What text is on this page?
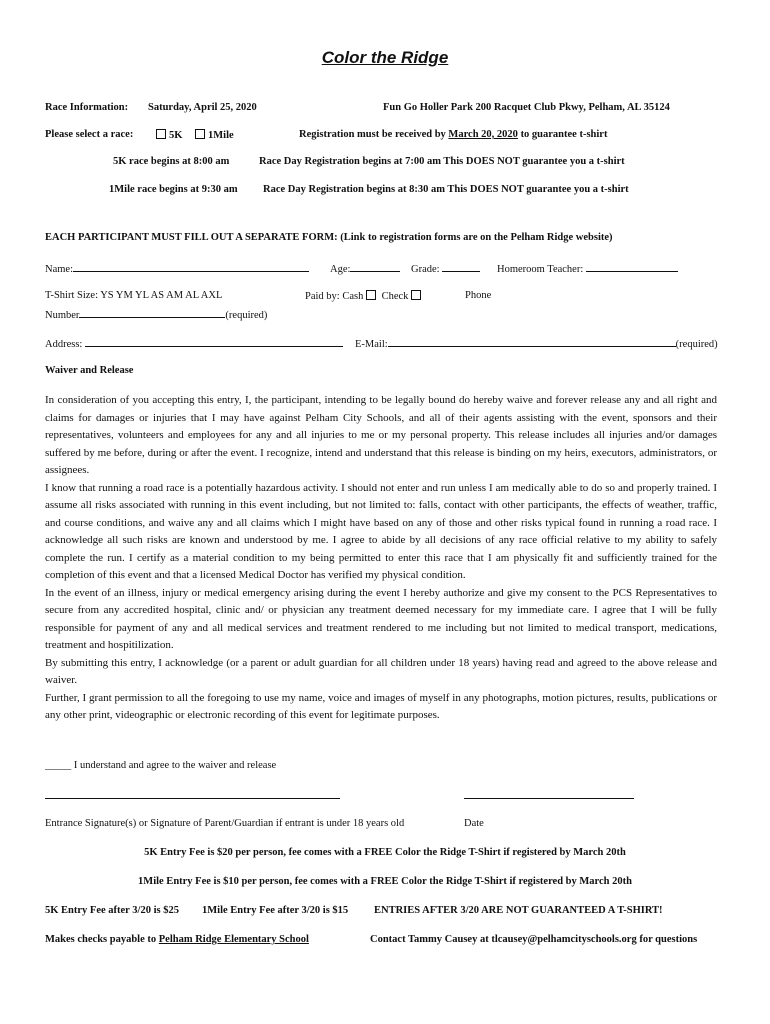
Color the Ridge
Race Information: Saturday, April 25, 2020	Fun Go Holler Park 200 Racquet Club Pkwy, Pelham, AL 35124
Please select a race:	5K	1Mile	Registration must be received by March 20, 2020 to guarantee t-shirt
5K race begins at 8:00 am	Race Day Registration begins at 7:00 am This DOES NOT guarantee you a t-shirt
1Mile race begins at 9:30 am Race Day Registration begins at 8:30 am This DOES NOT guarantee you a t-shirt
EACH PARTICIPANT MUST FILL OUT A SEPARATE FORM: (Link to registration forms are on the Pelham Ridge website)
Name:	Age:	Grade:	Homeroom Teacher:
T-Shirt Size: YS YM YL AS AM AL AXL	Paid by: Cash Check	Phone
Number	(required)
Address:	E-Mail:	(required)
Waiver and Release

In consideration of you accepting this entry, I, the participant, intending to be legally bound do hereby waive and forever release any and all right and claims for damages or injuries that I may have against Pelham City Schools, and all of their agents assisting with the event, sponsors and their representatives, volunteers and employees for any and all injuries to me or my personal property. This release includes all injuries and/or damages suffered by me before, during or after the event. I recognize, intend and understand that this release is binding on my heirs, executors, administrators, or assignees.

I know that running a road race is a potentially hazardous activity. I should not enter and run unless I am medically able to do so and properly trained. I assume all risks associated with running in this event including, but not limited to: falls, contact with other participants, the effects of weather, traffic, and course conditions, and waive any and all claims which I might have based on any of those and other risks typical found in running a road race. I acknowledge all such risks are known and understood by me. I agree to abide by all decisions of any race official relative to my ability to safely complete the run. I certify as a material condition to my being permitted to enter this race that I am physically fit and sufficiently trained for the completion of this event and that a licensed Medical Doctor has verified my physical condition.

In the event of an illness, injury or medical emergency arising during the event I hereby authorize and give my consent to the PCS Representatives to secure from any accredited hospital, clinic and/ or physician any treatment deemed necessary for my immediate care. I agree that I will be fully responsible for payment of any and all medical services and treatment rendered to me including but not limited to medical transport, medications, treatment and hospitilization.

By submitting this entry, I acknowledge (or a parent or adult guardian for all children under 18 years) having read and agreed to the above release and waiver.

Further, I grant permission to all the foregoing to use my name, voice and images of myself in any photographs, motion pictures, results, publications or any other print, videographic or electronic recording of this event for legitimate purposes.

_____ I understand and agree to the waiver and release
Entrance Signature(s) or Signature of Parent/Guardian if entrant is under 18 years old	Date
5K Entry Fee is $20 per person, fee comes with a FREE Color the Ridge T-Shirt if registered by March 20th
1Mile Entry Fee is $10 per person, fee comes with a FREE Color the Ridge T-Shirt if registered by March 20th
5K Entry Fee after 3/20 is $25 1Mile Entry Fee after 3/20 is $15 ENTRIES AFTER 3/20 ARE NOT GUARANTEED A T-SHIRT!
Makes checks payable to Pelham Ridge Elementary School	Contact Tammy Causey at tlcausey@pelhamcityschools.org for questions
